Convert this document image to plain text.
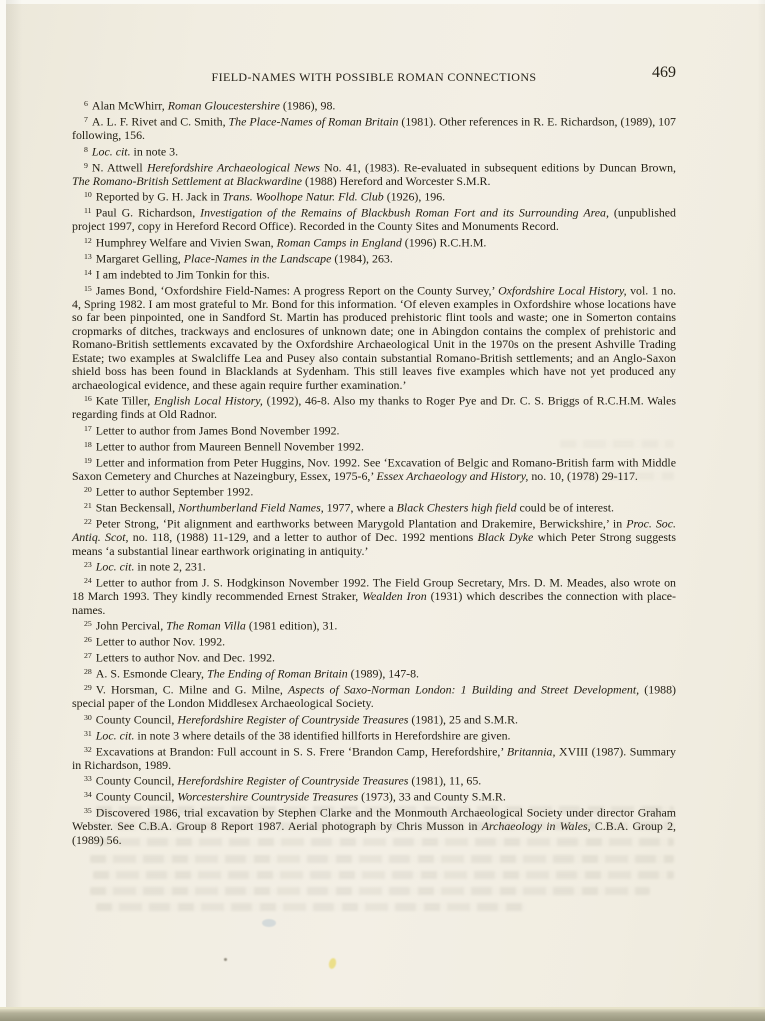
FIELD-NAMES WITH POSSIBLE ROMAN CONNECTIONS	469

$^6$ Alan McWhirr, Roman Gloucestershire (1986), 98.

$^7$ A. L. F. Rivet and C. Smith, The Place-Names of Roman Britain (1981). Other references in R. E. Richardson, (1989), 107 following, 156.

$^8$ Loc. cit. in note 3.

$^9$ N. Attwell Herefordshire Archaeological News No. 41, (1983). Re-evaluated in subsequent editions by Duncan Brown, The Romano-British Settlement at Blackwardine (1988) Hereford and Worcester S.M.R.

$^{10}$ Reported by G. H. Jack in Trans. Woolhope Natur. Fld. Club (1926), 196.

$^{11}$ Paul G. Richardson, Investigation of the Remains of Blackbush Roman Fort and its Surrounding Area, (unpublished project 1997, copy in Hereford Record Office). Recorded in the County Sites and Monuments Record.

$^{12}$ Humphrey Welfare and Vivien Swan, Roman Camps in England (1996) R.C.H.M.

$^{13}$ Margaret Gelling, Place-Names in the Landscape (1984), 263.

$^{14}$ I am indebted to Jim Tonkin for this.

$^{15}$ James Bond, ‘Oxfordshire Field-Names: A progress Report on the County Survey,’ Oxfordshire Local History, vol. 1 no. 4, Spring 1982. I am most grateful to Mr. Bond for this information. ‘Of eleven examples in Oxfordshire whose locations have so far been pinpointed, one in Sandford St. Martin has produced prehistoric flint tools and waste; one in Somerton contains cropmarks of ditches, trackways and enclosures of unknown date; one in Abingdon contains the complex of prehistoric and Romano-British settlements excavated by the Oxfordshire Archaeological Unit in the 1970s on the present Ashville Trading Estate; two examples at Swalcliffe Lea and Pusey also contain substantial Romano-British settlements; and an Anglo-Saxon shield boss has been found in Blacklands at Sydenham. This still leaves five examples which have not yet produced any archaeological evidence, and these again require further examination.’

$^{16}$ Kate Tiller, English Local History, (1992), 46-8. Also my thanks to Roger Pye and Dr. C. S. Briggs of R.C.H.M. Wales regarding finds at Old Radnor.

$^{17}$ Letter to author from James Bond November 1992.

$^{18}$ Letter to author from Maureen Bennell November 1992.

$^{19}$ Letter and information from Peter Huggins, Nov. 1992. See ‘Excavation of Belgic and Romano-British farm with Middle Saxon Cemetery and Churches at Nazeingbury, Essex, 1975-6,’ Essex Archaeology and History, no. 10, (1978) 29-117.

$^{20}$ Letter to author September 1992.

$^{21}$ Stan Beckensall, Northumberland Field Names, 1977, where a Black Chesters high field could be of interest.

$^{22}$ Peter Strong, ‘Pit alignment and earthworks between Marygold Plantation and Drakemire, Berwickshire,’ in Proc. Soc. Antiq. Scot, no. 118, (1988) 11-129, and a letter to author of Dec. 1992 mentions Black Dyke which Peter Strong suggests means ‘a substantial linear earthwork originating in antiquity.’

$^{23}$ Loc. cit. in note 2, 231.

$^{24}$ Letter to author from J. S. Hodgkinson November 1992. The Field Group Secretary, Mrs. D. M. Meades, also wrote on 18 March 1993. They kindly recommended Ernest Straker, Wealden Iron (1931) which describes the connection with place-names.

$^{25}$ John Percival, The Roman Villa (1981 edition), 31.

$^{26}$ Letter to author Nov. 1992.

$^{27}$ Letters to author Nov. and Dec. 1992.

$^{28}$ A. S. Esmonde Cleary, The Ending of Roman Britain (1989), 147-8.

$^{29}$ V. Horsman, C. Milne and G. Milne, Aspects of Saxo-Norman London: 1 Building and Street Development, (1988) special paper of the London Middlesex Archaeological Society.

$^{30}$ County Council, Herefordshire Register of Countryside Treasures (1981), 25 and S.M.R.

$^{31}$ Loc. cit. in note 3 where details of the 38 identified hillforts in Herefordshire are given.

$^{32}$ Excavations at Brandon: Full account in S. S. Frere ‘Brandon Camp, Herefordshire,’ Britannia, XVIII (1987). Summary in Richardson, 1989.

$^{33}$ County Council, Herefordshire Register of Countryside Treasures (1981), 11, 65.

$^{34}$ County Council, Worcestershire Countryside Treasures (1973), 33 and County S.M.R.

$^{35}$ Discovered 1986, trial excavation by Stephen Clarke and the Monmouth Archaeological Society under director Graham Webster. See C.B.A. Group 8 Report 1987. Aerial photograph by Chris Musson in Archaeology in Wales, C.B.A. Group 2, (1989) 56.
